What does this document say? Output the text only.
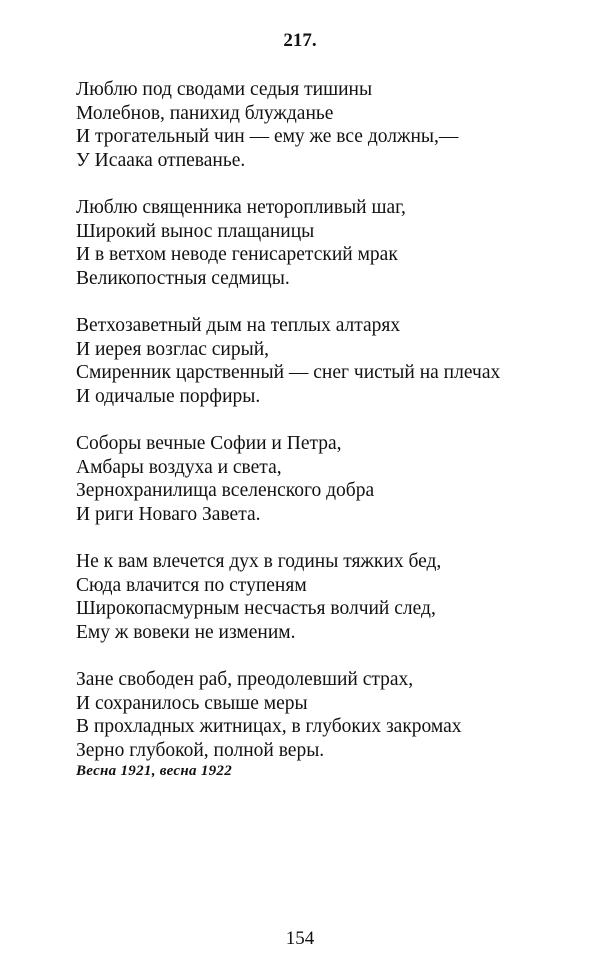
217.
Люблю под сводами седыя тишины
Молебнов, панихид блужданье
И трогательный чин — ему же все должны,—
У Исаака отпеванье.
Люблю священника неторопливый шаг,
Широкий вынос плащаницы
И в ветхом неводе генисаретский мрак
Великопостныя седмицы.
Ветхозаветный дым на теплых алтарях
И иерея возглас сирый,
Смиренник царственный — снег чистый на плечах
И одичалые порфиры.
Соборы вечные Софии и Петра,
Амбары воздуха и света,
Зернохранилища вселенского добра
И риги Новаго Завета.
Не к вам влечется дух в годины тяжких бед,
Сюда влачится по ступеням
Широкопасмурным несчастья волчий след,
Ему ж вовеки не изменим.
Зане свободен раб, преодолевший страх,
И сохранилось свыше меры
В прохладных житницах, в глубоких закромах
Зерно глубокой, полной веры.
Весна 1921, весна 1922
154
